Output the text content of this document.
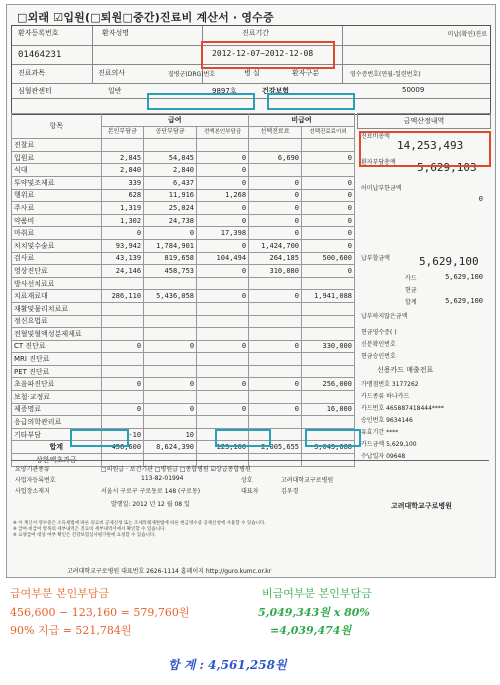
□외래 ☑입원(□퇴원□중간)진료비 계산서 · 영수증
미납(확인)진료
환자등록번호	환자성명	진료기간
01464231	2012-12-07~2012-12-08
진료과목	진료의사	질병군(DRG)번호	병 실	환자구분	영수증번호(연월-일련번호)
심혈관센터	일반	9897호	건강보험	50009
항목	급여			비급여	
	본인부담금	공단부담금	전액본인부담금	선택진료료	선택진료료이외
진찰료					
입원료	2,845	54,045	0	6,690	0
식대	2,840	2,840	0		
투약및조제료	339	6,437	0	0	0
행위료	628	11,916	1,268	0	0
주사료	1,319	25,024	0	0	0
약품비	1,302	24,738	0	0	0
마취료	0	0	17,398	0	0
처치및수술료	93,942	1,784,901	0	1,424,700	0
검사료	43,139	819,658	104,494	264,185	500,600
영상진단료	24,146	458,753	0	310,080	0
방사선치료료					
치료재료대	286,110	5,436,058	0	0	1,941,088
재활및물리치료료					
정신요법료					
전혈및혈액성분제제료					
CT 진단료	0	0	0	0	330,000
MRI 진단료					
PET 진단료					
초음파진단료	0	0	0	0	256,000
보철·교정료					
제증명료	0	0	0	0	16,000
응급의학관리료					
기타부담	-10	10			
합계	456,600	8,624,390	123,160	2,005,655	3,043,688
상한액초과금					
금액산정내역
진료비총액
14,253,493
환자부담총액 5,629,103
이미납부한금액
0
납부할금액	5,629,100
카드	5,629,100
현금
합계	5,629,100
납부하지않은금액
현금영수증( )
신분확인번호
현금승인번호
신용카드 매출전표
가맹점번호 3177262
카드종류 하나카드
카드번호 465887418444****
승인번호 9634146
유효기간 ****
카드금액 5,629,100
수납일자 09648
요양기관종류	□의원급 · 보건기관 □병원급 □종합병원 ☑상급종합병원
사업자등록번호	113-82-01994	상호	고려대학교구로병원
사업장소재지	서울시 구로구 구로동로 148 (구로동)	대표자	김우경
발행일: 2012 년 12 월 08 일	고려대학교구로병원
※ 이 계산서·영수증은 소득세법에 따른 의료비 공제신청 또는 조세특례제한법에 따른 현금영수증 공제신청에 사용할 수 있습니다.
※ 급여·비급여 항목의 세부내역은 진료비 세부내역서에서 확인할 수 있습니다.
※ 요양급여 대상 여부 확인은 건강보험심사평가원에 요청할 수 있습니다.
고려대학교구로병원 대표번호 2626-1114 홈페이지 http://guro.kumc.or.kr
급여부분 본인부담금
456,600 − 123,160 = 579,760원
90% 지급 = 521,784원
비급여부분 본인부담금
5,049,343원 x 80%
=4,039,474원
합 계 : 4,561,258원
